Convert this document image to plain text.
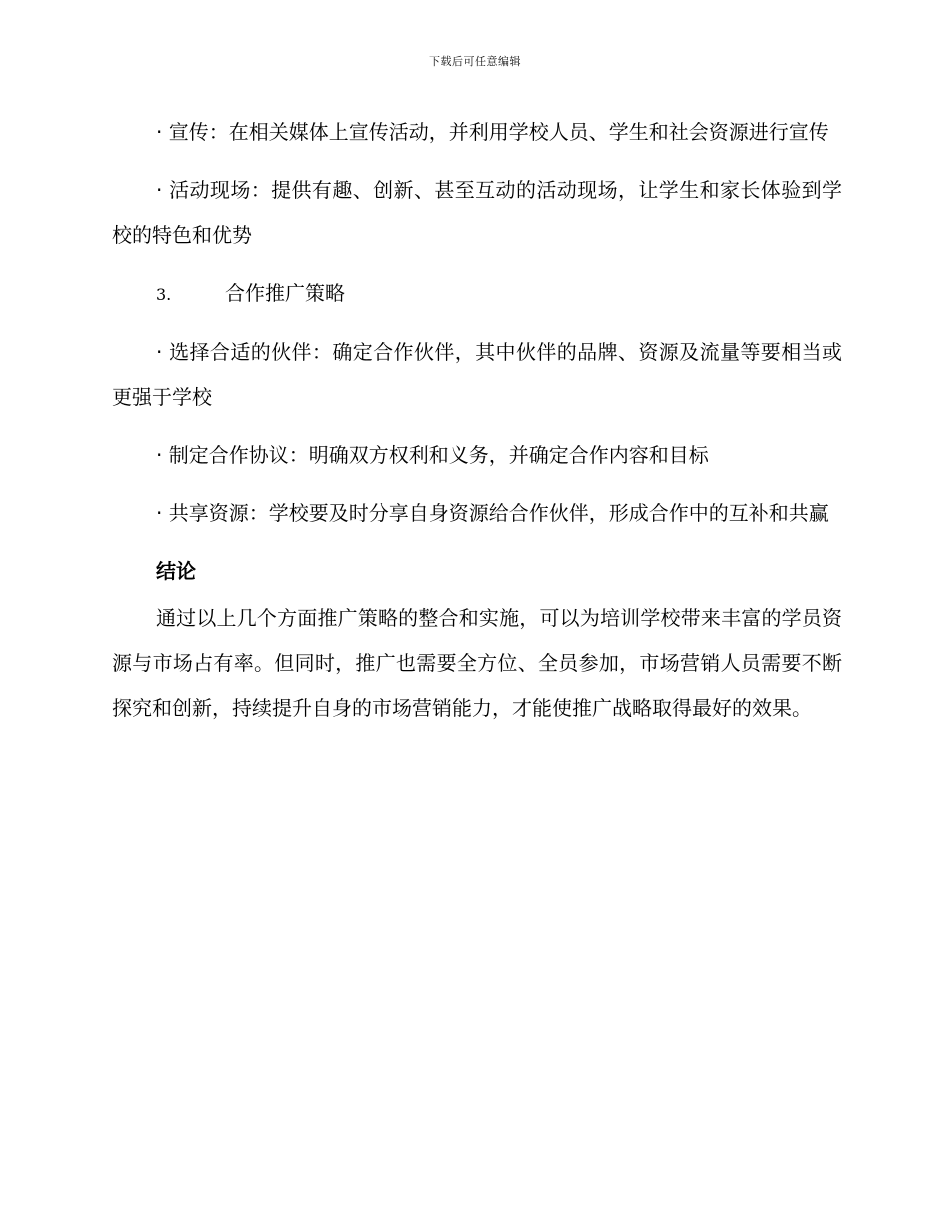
下载后可任意编辑

· 宣传：在相关媒体上宣传活动，并利用学校人员、学生和社会资源进行宣传

· 活动现场：提供有趣、创新、甚至互动的活动现场，让学生和家长体验到学校的特色和优势

3.	合作推广策略

· 选择合适的伙伴：确定合作伙伴，其中伙伴的品牌、资源及流量等要相当或更强于学校

· 制定合作协议：明确双方权利和义务，并确定合作内容和目标

· 共享资源：学校要及时分享自身资源给合作伙伴，形成合作中的互补和共赢

结论

通过以上几个方面推广策略的整合和实施，可以为培训学校带来丰富的学员资源与市场占有率。但同时，推广也需要全方位、全员参加，市场营销人员需要不断探究和创新，持续提升自身的市场营销能力，才能使推广战略取得最好的效果。
